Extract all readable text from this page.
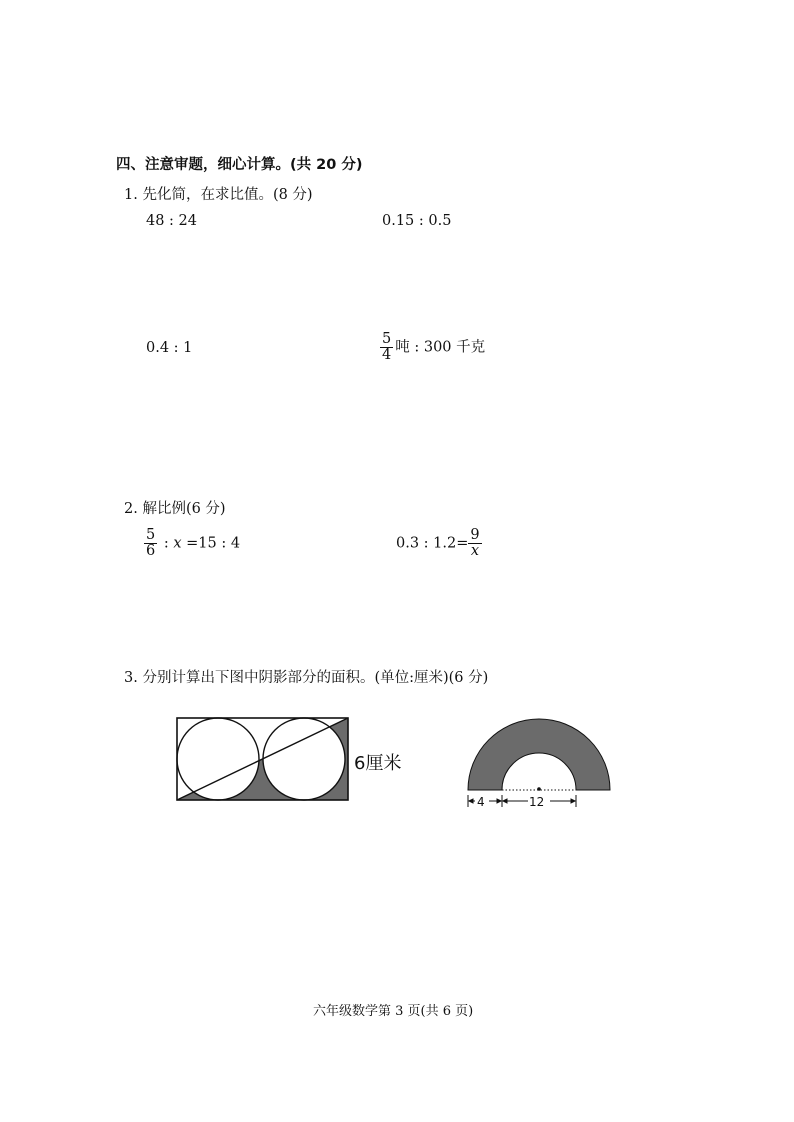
四、注意审题，细心计算。(共 20 分)
1. 先化简，在求比值。(8 分)
48 : 24	0.15 : 0.5
0.4 : 1	$\frac{5}{4}$ 吨 : 300 千克
2. 解比例(6 分)
$\frac{5}{6}$ : x =15 : 4	0.3 : $1.2= \frac{9}{x}$
3. 分别计算出下图中阴影部分的面积。(单位:厘米)(6 分)
6厘米
4	12
六年级数学第 3 页(共 6 页)
